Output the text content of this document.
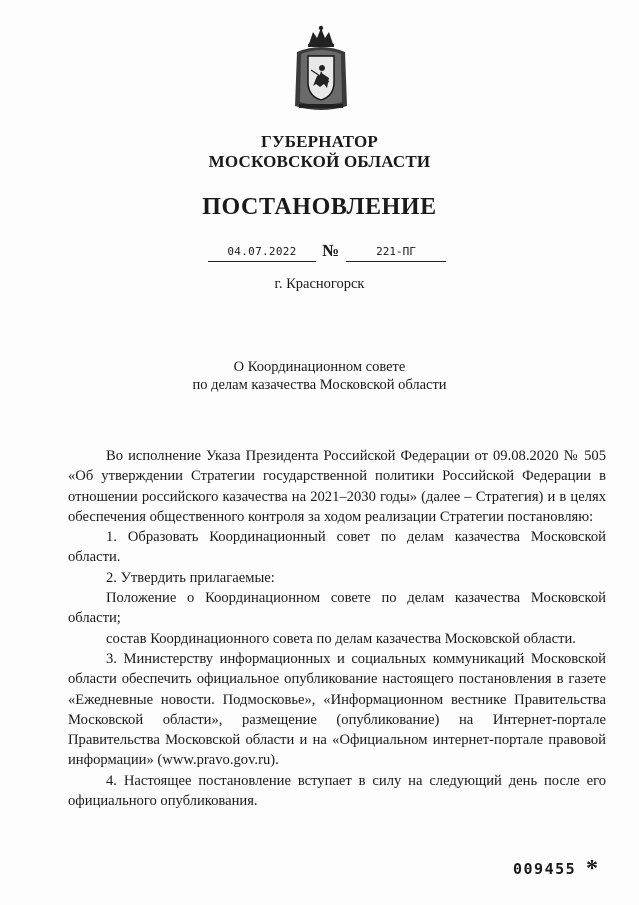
ГУБЕРНАТОР
МОСКОВСКОЙ ОБЛАСТИ
ПОСТАНОВЛЕНИЕ
04.07.2022	№	221-ПГ
г. Красногорск
О Координационном совете
по делам казачества Московской области

Во исполнение Указа Президента Российской Федерации от 09.08.2020 № 505 «Об утверждении Стратегии государственной политики Российской Федерации в отношении российского казачества на 2021–2030 годы» (далее – Стратегия) и в целях обеспечения общественного контроля за ходом реализации Стратегии постановляю:

1. Образовать Координационный совет по делам казачества Московской области.

2. Утвердить прилагаемые:

Положение о Координационном совете по делам казачества Московской области;

состав Координационного совета по делам казачества Московской области.

3. Министерству информационных и социальных коммуникаций Московской области обеспечить официальное опубликование настоящего постановления в газете «Ежедневные новости. Подмосковье», «Информационном вестнике Правительства Московской области», размещение (опубликование) на Интернет-портале Правительства Московской области и на «Официальном интернет-портале правовой информации» (www.pravo.gov.ru).

4. Настоящее постановление вступает в силу на следующий день после его официального опубликования.

009455 *
